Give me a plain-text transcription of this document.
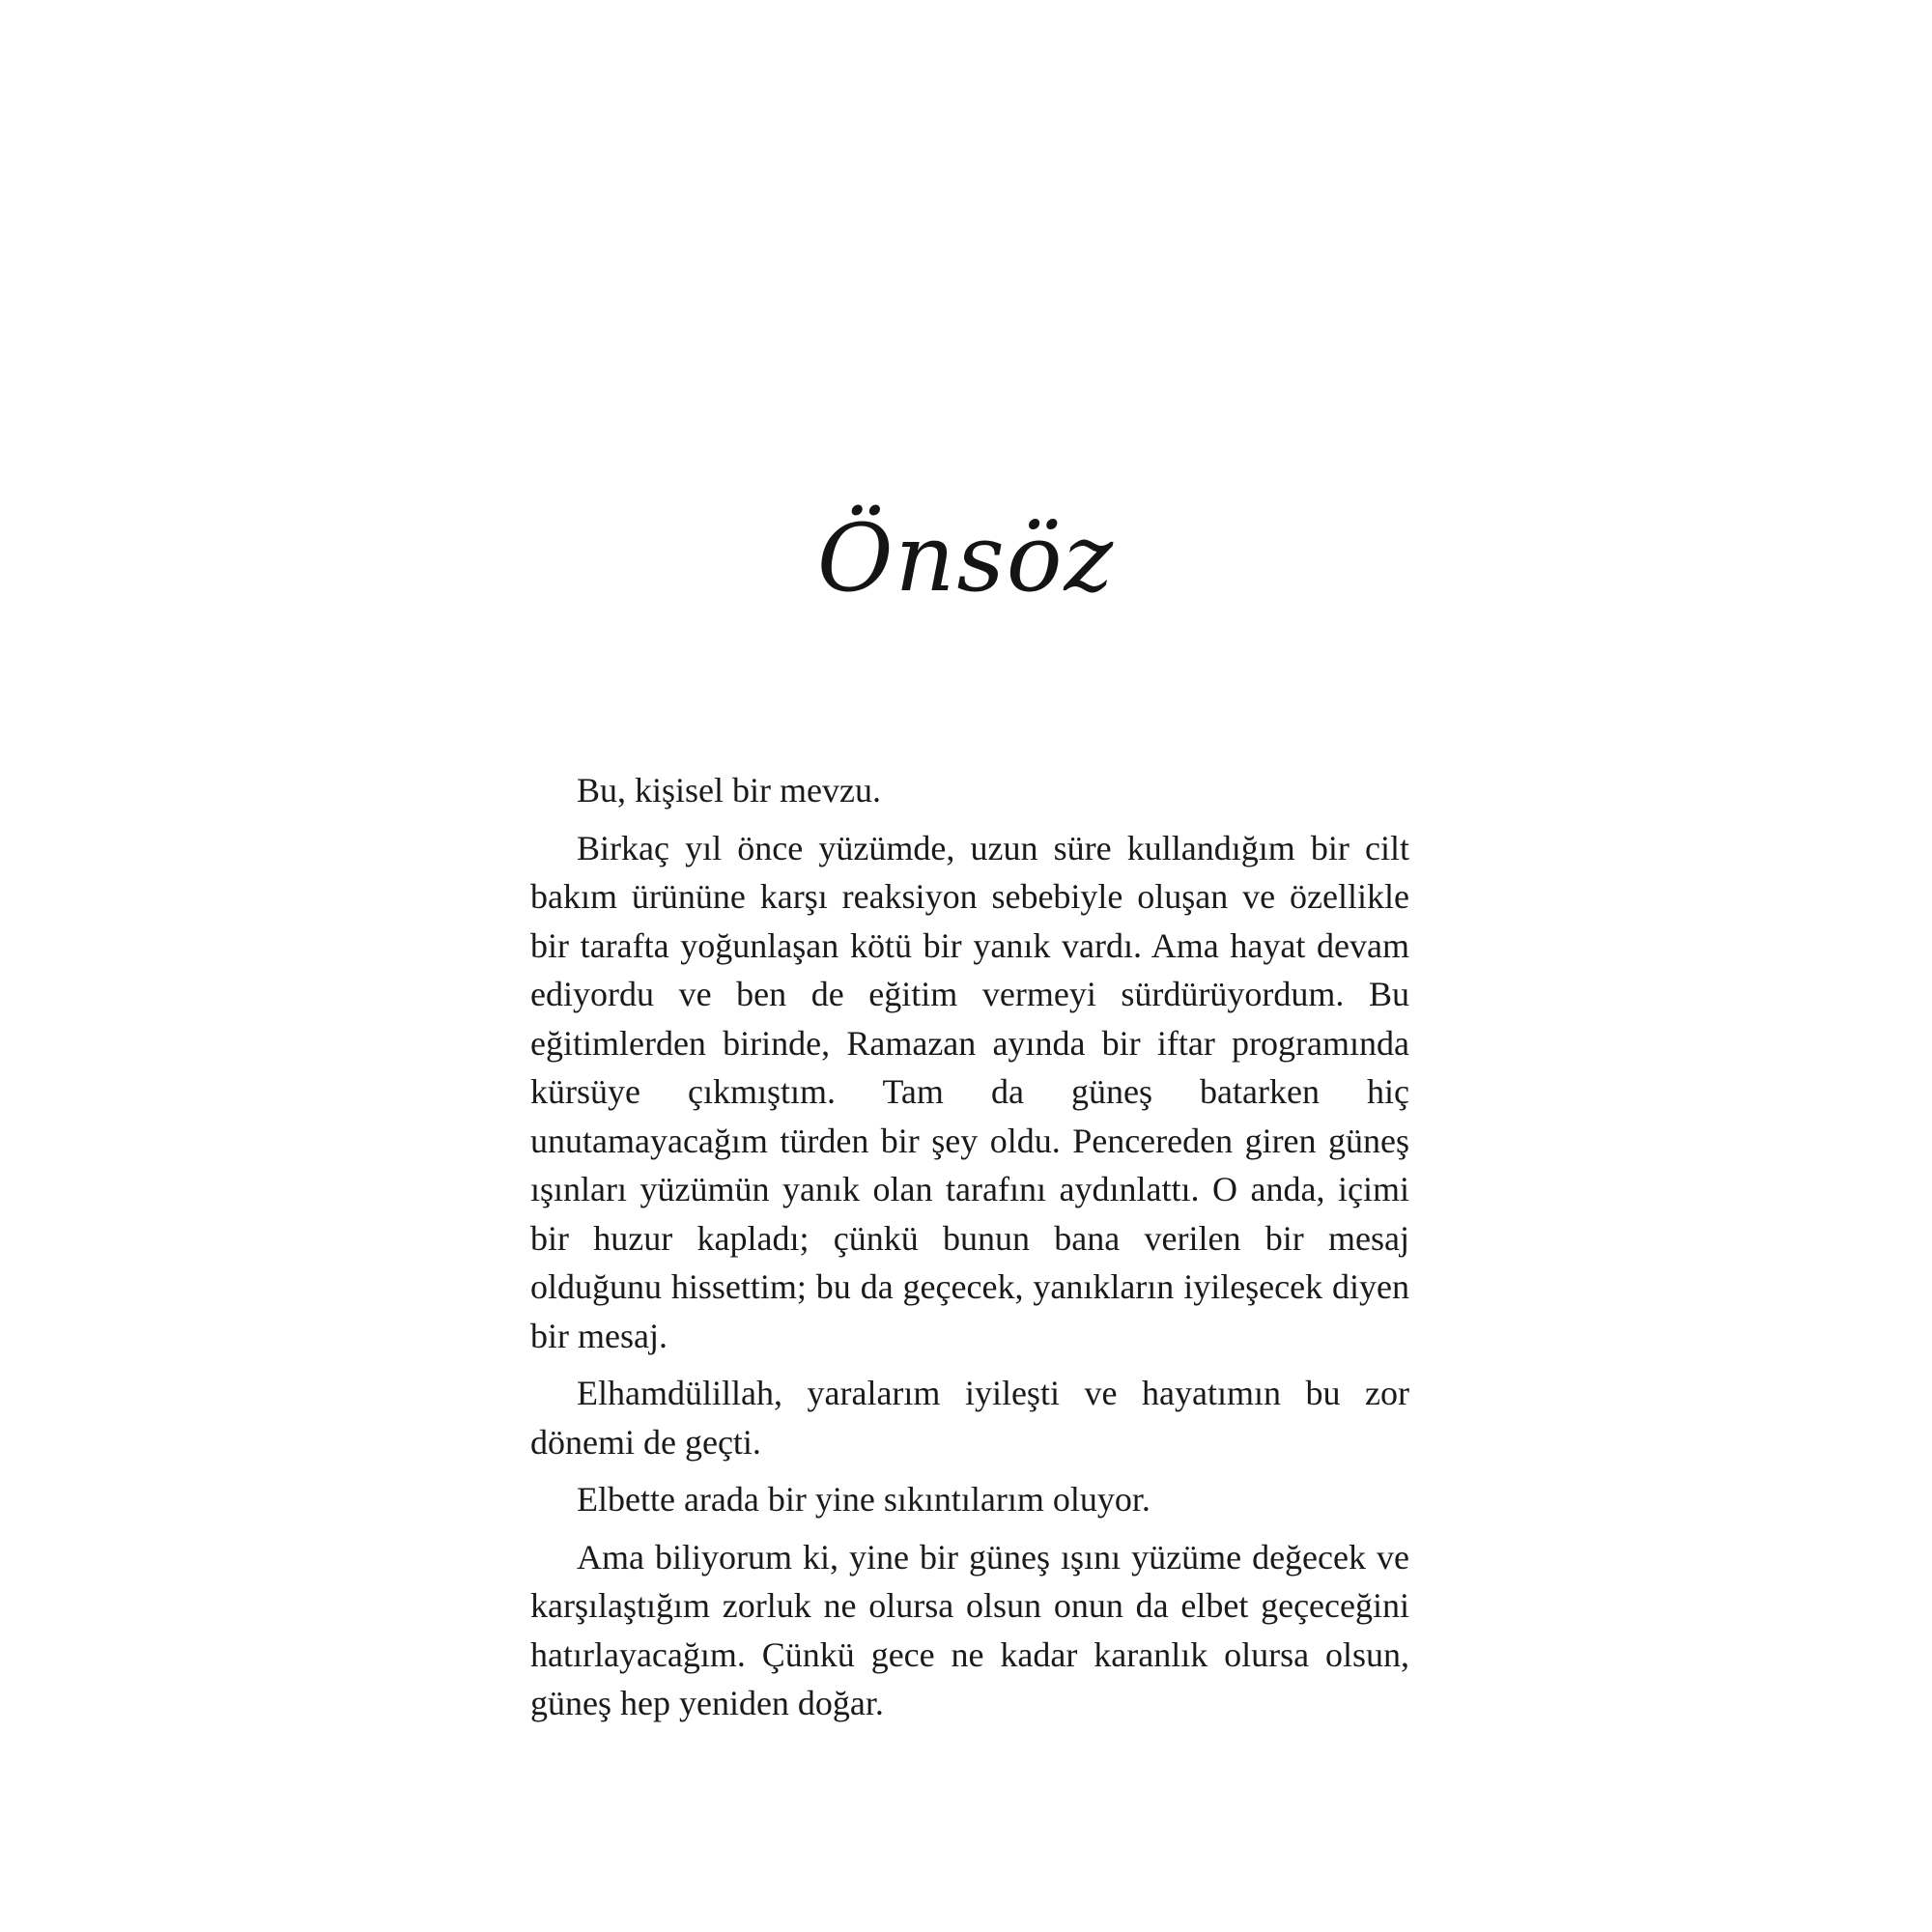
Önsöz

Bu, kişisel bir mevzu.

Birkaç yıl önce yüzümde, uzun süre kullandığım bir cilt bakım ürününe karşı reaksiyon sebebiyle oluşan ve özellikle bir tarafta yoğunlaşan kötü bir yanık vardı. Ama hayat devam ediyordu ve ben de eğitim vermeyi sürdürüyordum. Bu eğitimlerden birinde, Ramazan ayında bir iftar programında kürsüye çıkmıştım. Tam da güneş batarken hiç unutamayacağım türden bir şey oldu. Pencereden giren güneş ışınları yüzümün yanık olan tarafını aydınlattı. O anda, içimi bir huzur kapladı; çünkü bunun bana verilen bir mesaj olduğunu hissettim; bu da geçecek, yanıkların iyileşecek diyen bir mesaj.

Elhamdülillah, yaralarım iyileşti ve hayatımın bu zor dönemi de geçti.

Elbette arada bir yine sıkıntılarım oluyor.

Ama biliyorum ki, yine bir güneş ışını yüzüme değecek ve karşılaştığım zorluk ne olursa olsun onun da elbet geçeceğini hatırlayacağım. Çünkü gece ne kadar karanlık olursa olsun, güneş hep yeniden doğar.
